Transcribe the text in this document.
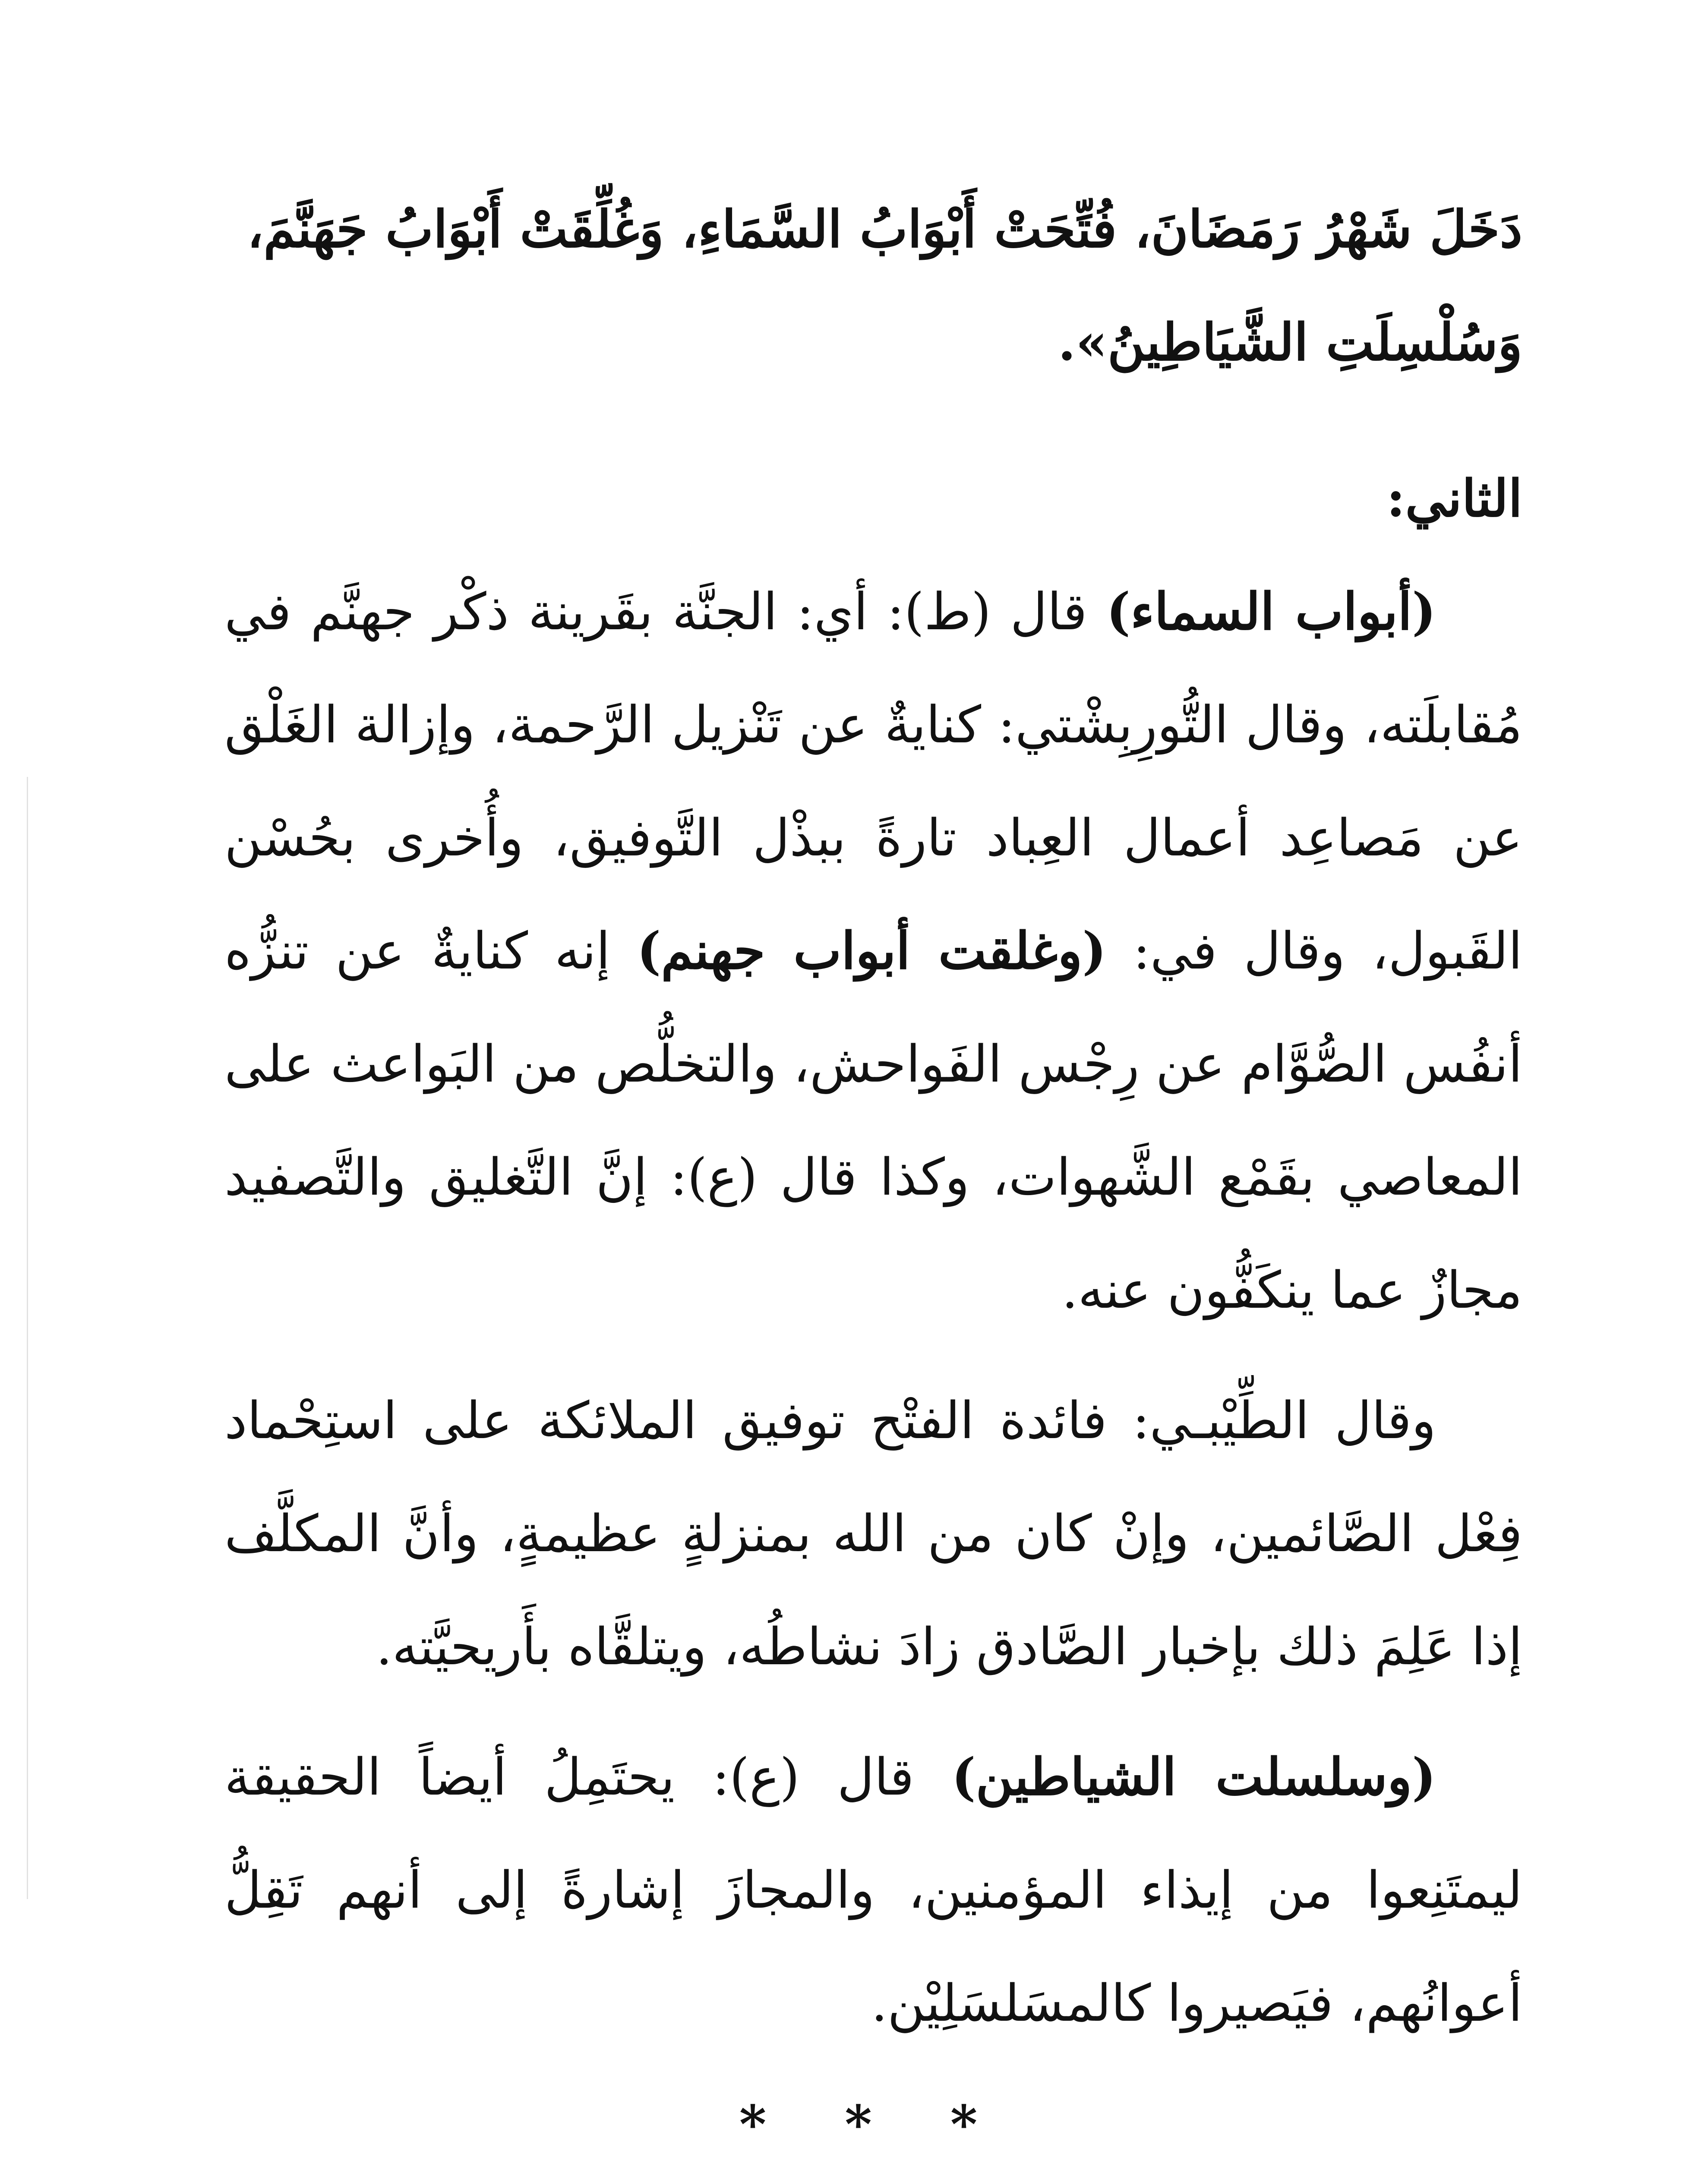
دَخَلَ شَهْرُ رَمَضَانَ، فُتِّحَتْ أَبْوَابُ السَّمَاءِ، وَغُلِّقَتْ أَبْوَابُ جَهَنَّمَ،
وَسُلْسِلَتِ الشَّيَاطِينُ».

الثاني:

(أبواب السماء) قال (ط): أي: الجنَّة بقَرينة ذكْر جهنَّم في مُقابلَته، وقال التُّورِبِشْتي: كنايةٌ عن تَنْزيل الرَّحمة، وإزالة الغَلْق عن مَصاعِد أعمال العِباد تارةً ببذْل التَّوفيق، وأُخرى بحُسْن القَبول، وقال في: (وغلقت أبواب جهنم) إنه كنايةٌ عن تنزُّه أنفُس الصُّوَّام عن رِجْس الفَواحش، والتخلُّص من البَواعث على المعاصي بقَمْع الشَّهوات، وكذا قال (ع): إنَّ التَّغليق والتَّصفيد مجازٌ عما ينكَفُّون عنه.

وقال الطِّيْبـي: فائدة الفتْح توفيق الملائكة على استِحْماد فِعْل الصَّائمين، وإنْ كان من الله بمنزلةٍ عظيمةٍ، وأنَّ المكلَّف إذا عَلِمَ ذلك بإخبار الصَّادق زادَ نشاطُه، ويتلقَّاه بأَريحيَّته.

(وسلسلت الشياطين) قال (ع): يحتَمِلُ أيضاً الحقيقة ليمتَنِعوا من إيذاء المؤمنين، والمجازَ إشارةً إلى أنهم تَقِلُّ أعوانُهم، فيَصيروا كالمسَلسَلِيْن.

* * *
